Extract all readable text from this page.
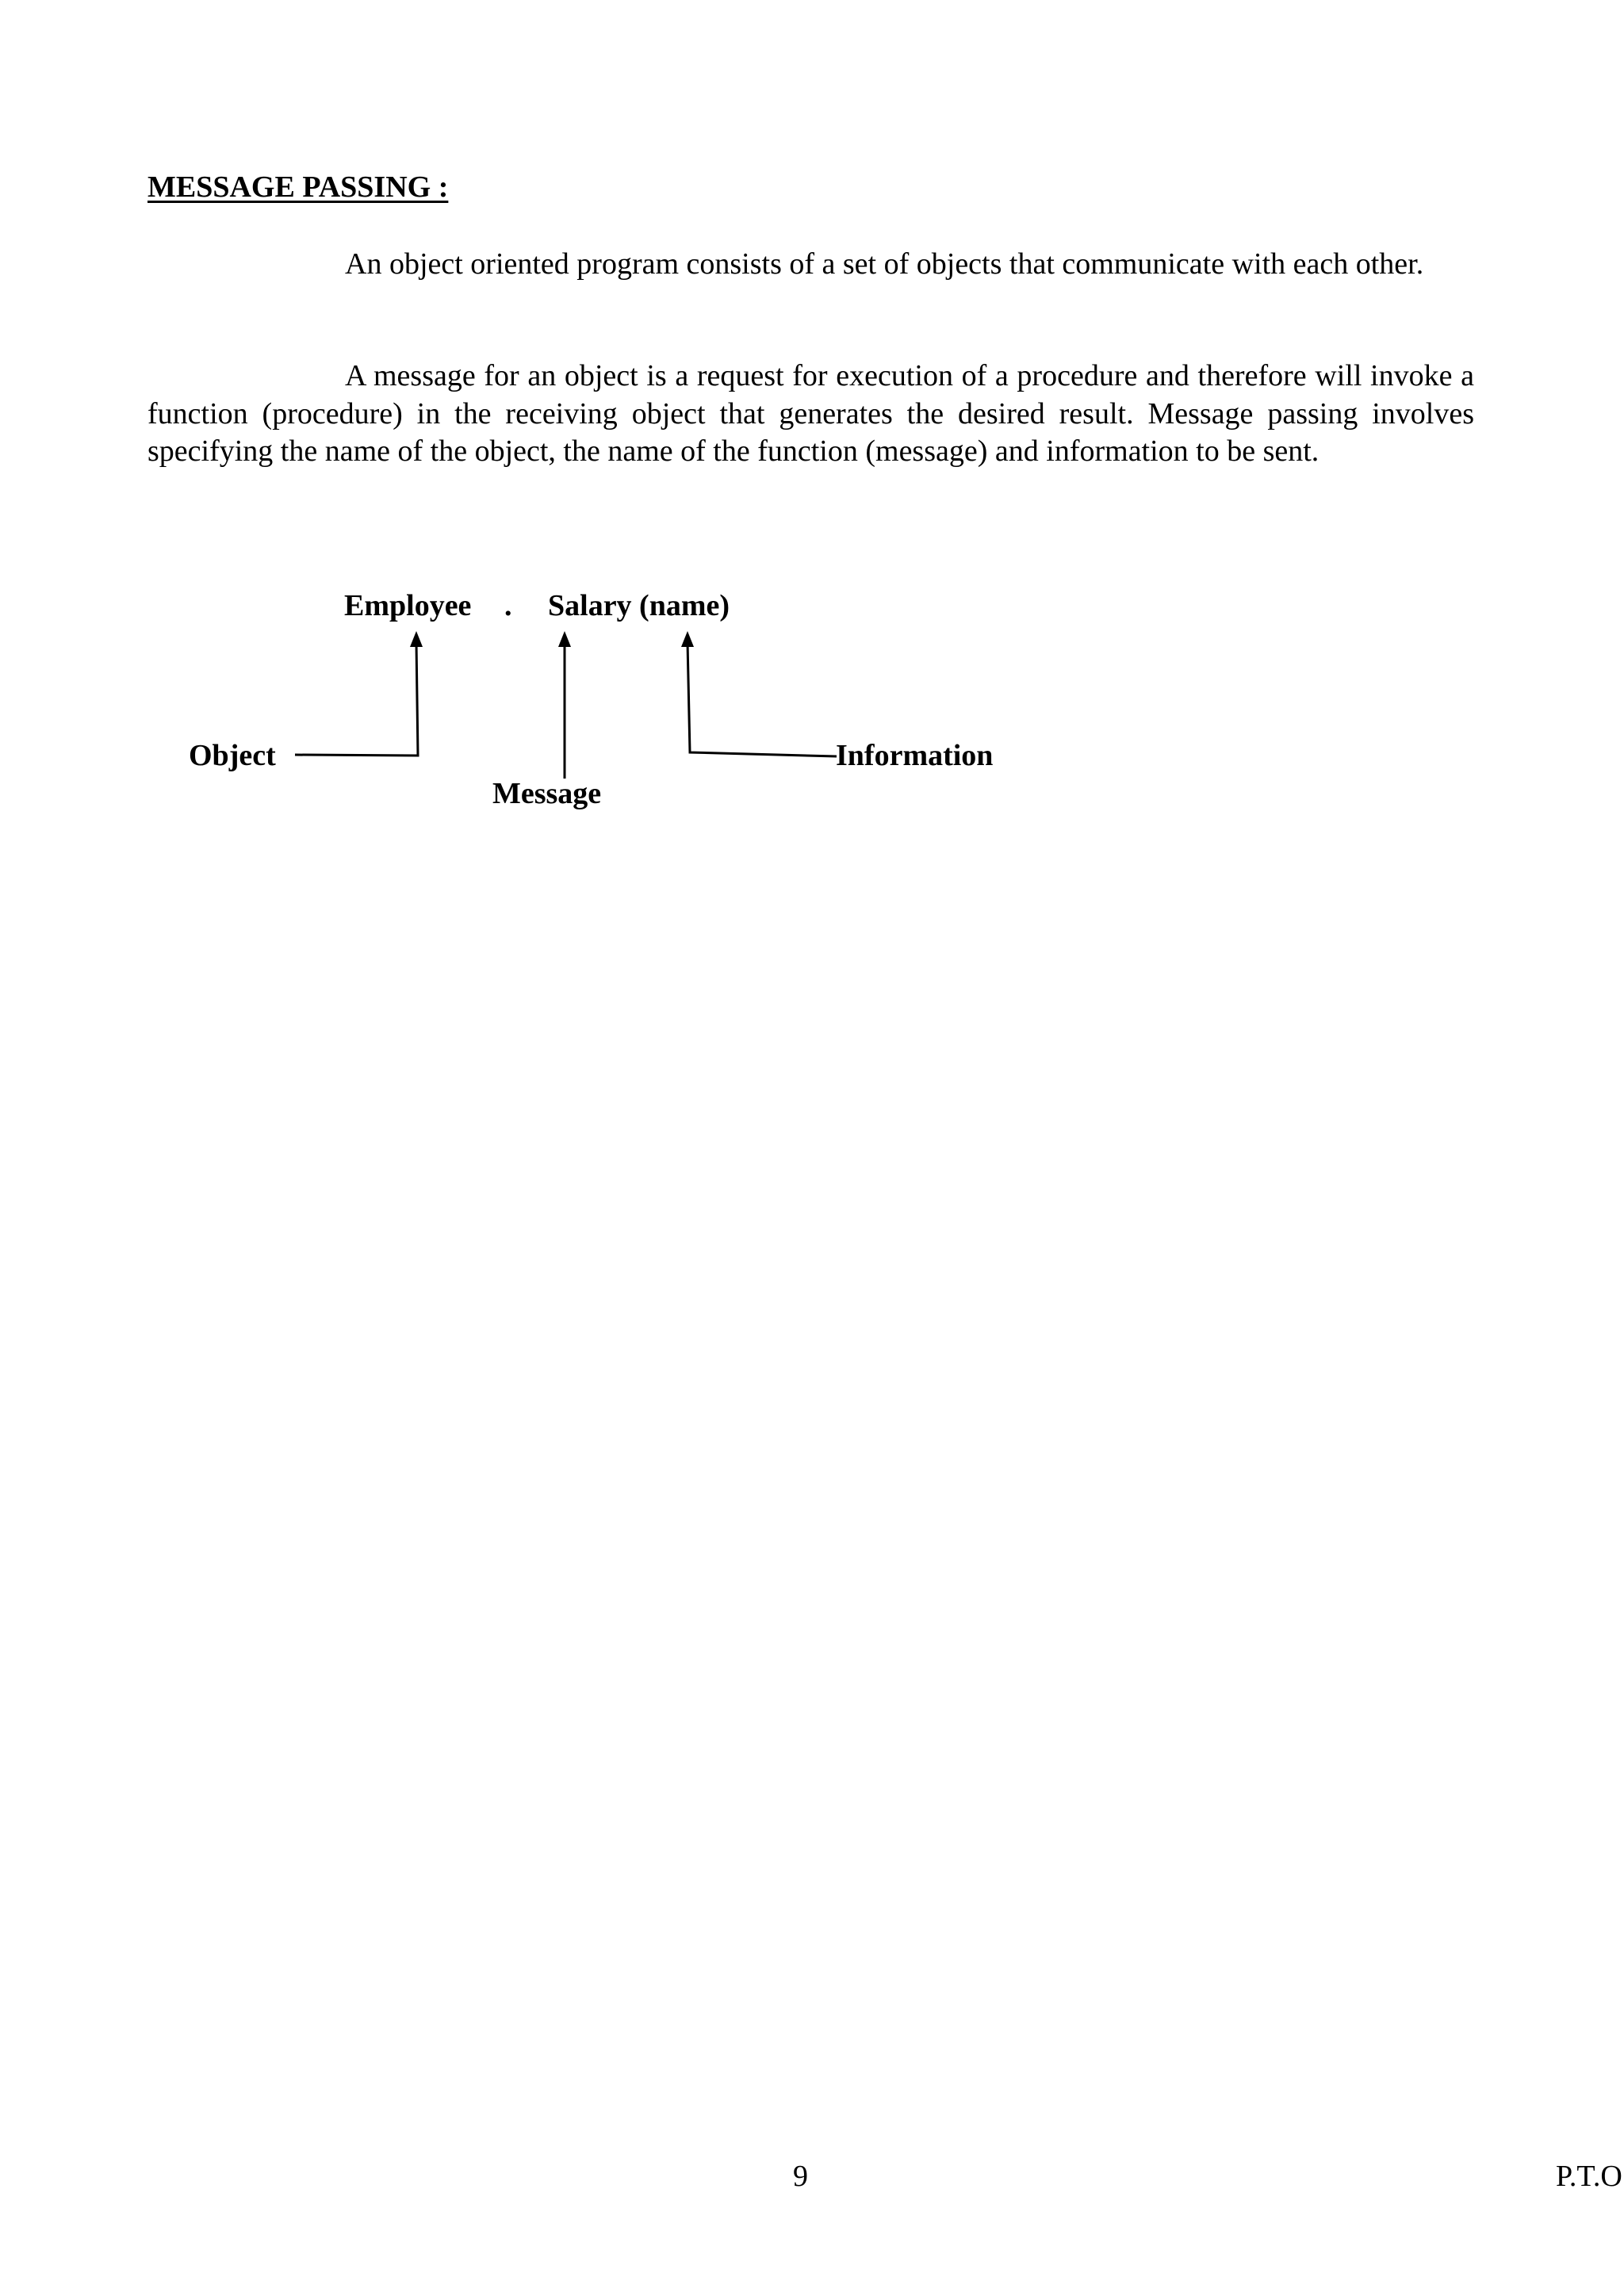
MESSAGE PASSING :

An object oriented program consists of a set of objects that communicate with each other.

A message for an object is a request for execution of a procedure and therefore will invoke a function (procedure) in the receiving object that generates the desired result. Message passing involves specifying the name of the object, the name of the function (message) and information to be sent.

Employee . Salary (name)
Object
Message
Information
9	P.T.O
